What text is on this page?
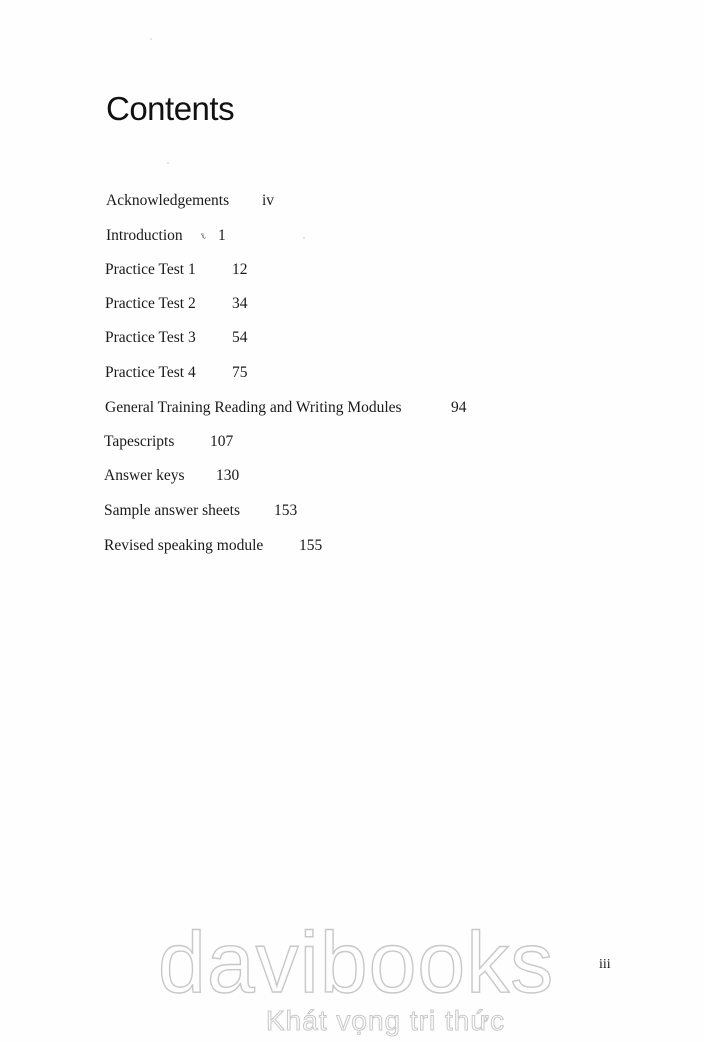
Contents
Acknowledgements iv
Introduction ℓ 1
Practice Test 1 12
Practice Test 2 34
Practice Test 3 54
Practice Test 4 75
General Training Reading and Writing Modules	94
Tapescripts 107
Answer keys 130
Sample answer sheets 153
Revised speaking module 155
davibooks
Khát vọng tri thức
iii
